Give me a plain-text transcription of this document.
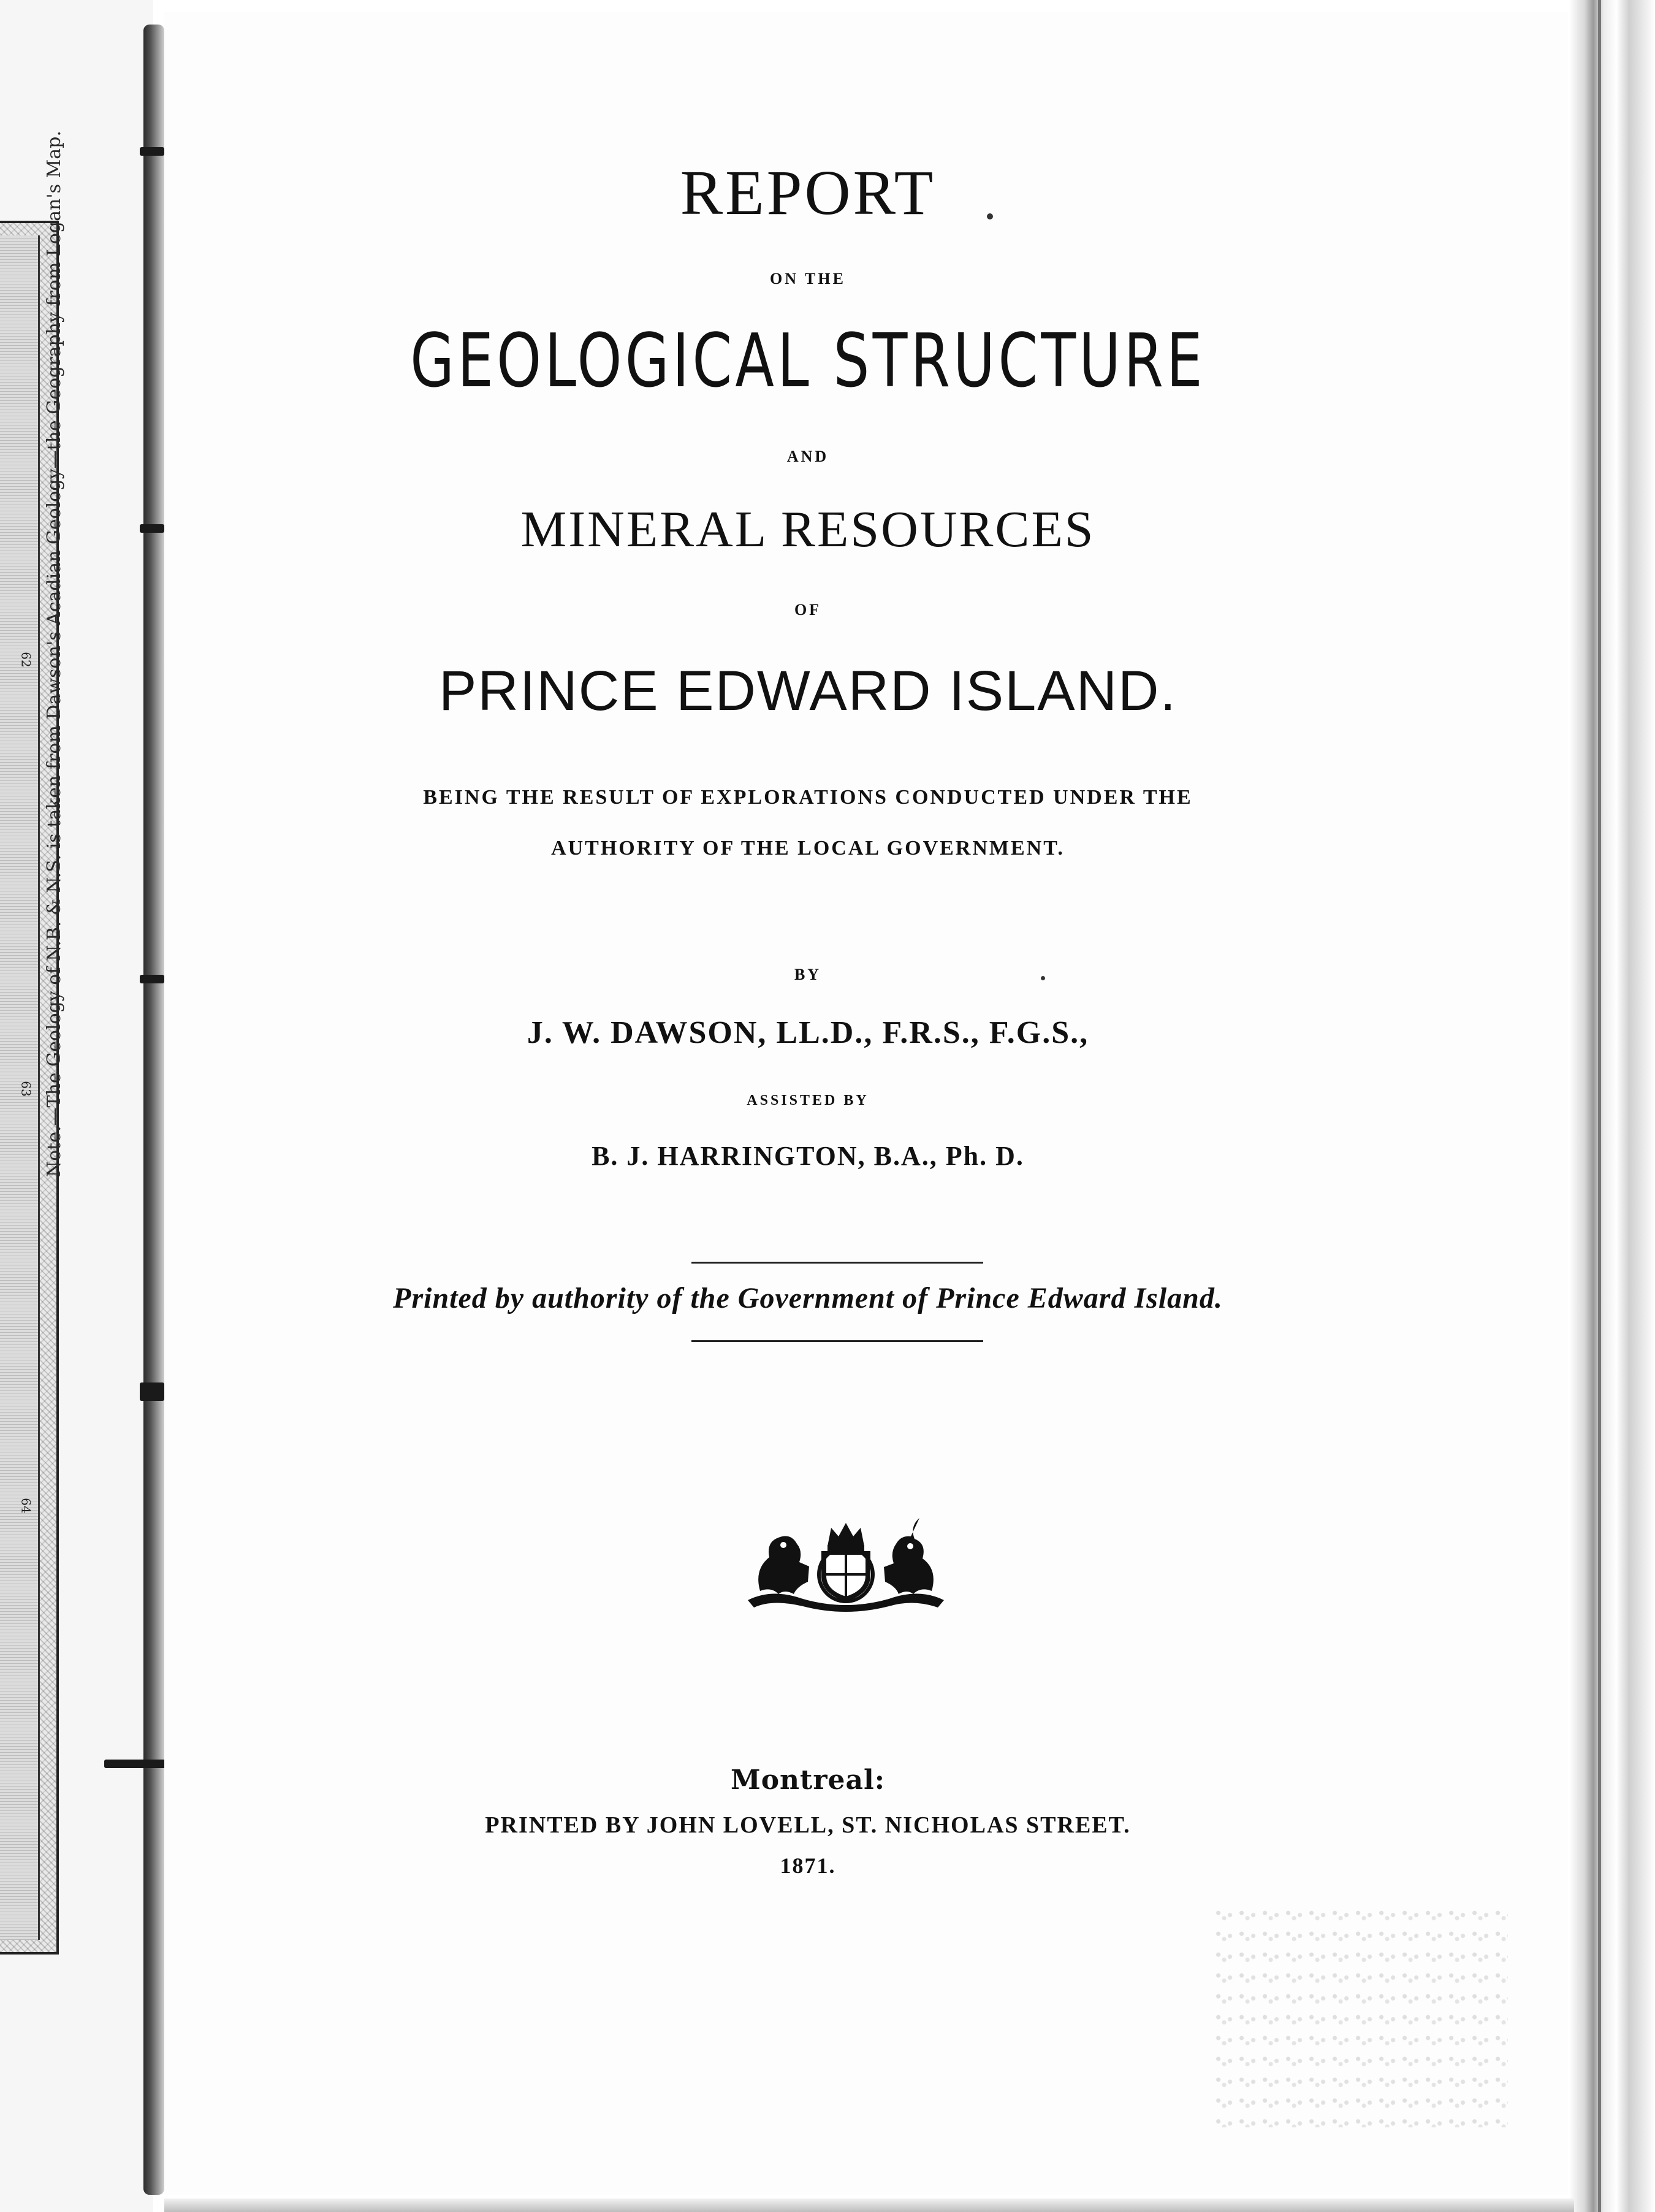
62
63
64
Note.—The Geology of N.B. & N.S. is taken from Dawson's Acadian Geology—the Geography from Logan's Map.	REPORT
ON THE
GEOLOGICAL STRUCTURE
AND
MINERAL RESOURCES
OF
PRINCE EDWARD ISLAND.
BEING THE RESULT OF EXPLORATIONS CONDUCTED UNDER THE
AUTHORITY OF THE LOCAL GOVERNMENT.
BY
J. W. DAWSON, LL.D., F.R.S., F.G.S.,
ASSISTED BY
B. J. HARRINGTON, B.A., Ph. D.
Printed by authority of the Government of Prince Edward Island.
Montreal:
PRINTED BY JOHN LOVELL, ST. NICHOLAS STREET.
1871.
